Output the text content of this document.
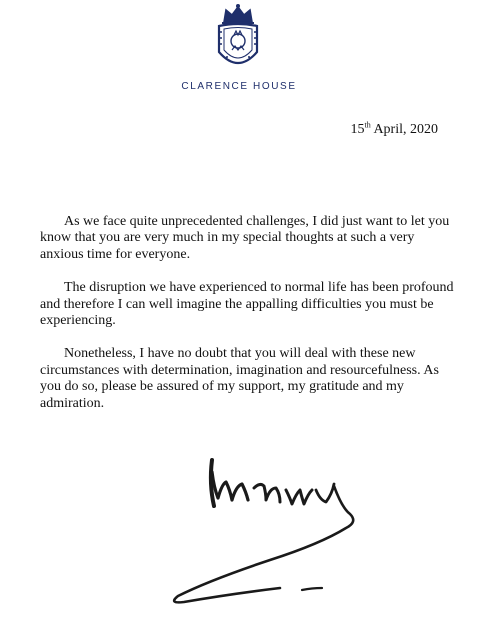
CLARENCE HOUSE
15th April, 2020

As we face quite unprecedented challenges, I did just want to let you know that you are very much in my special thoughts at such a very anxious time for everyone.

The disruption we have experienced to normal life has been profound and therefore I can well imagine the appalling difficulties you must be experiencing.

Nonetheless, I have no doubt that you will deal with these new circumstances with determination, imagination and resourcefulness. As you do so, please be assured of my support, my gratitude and my admiration.
